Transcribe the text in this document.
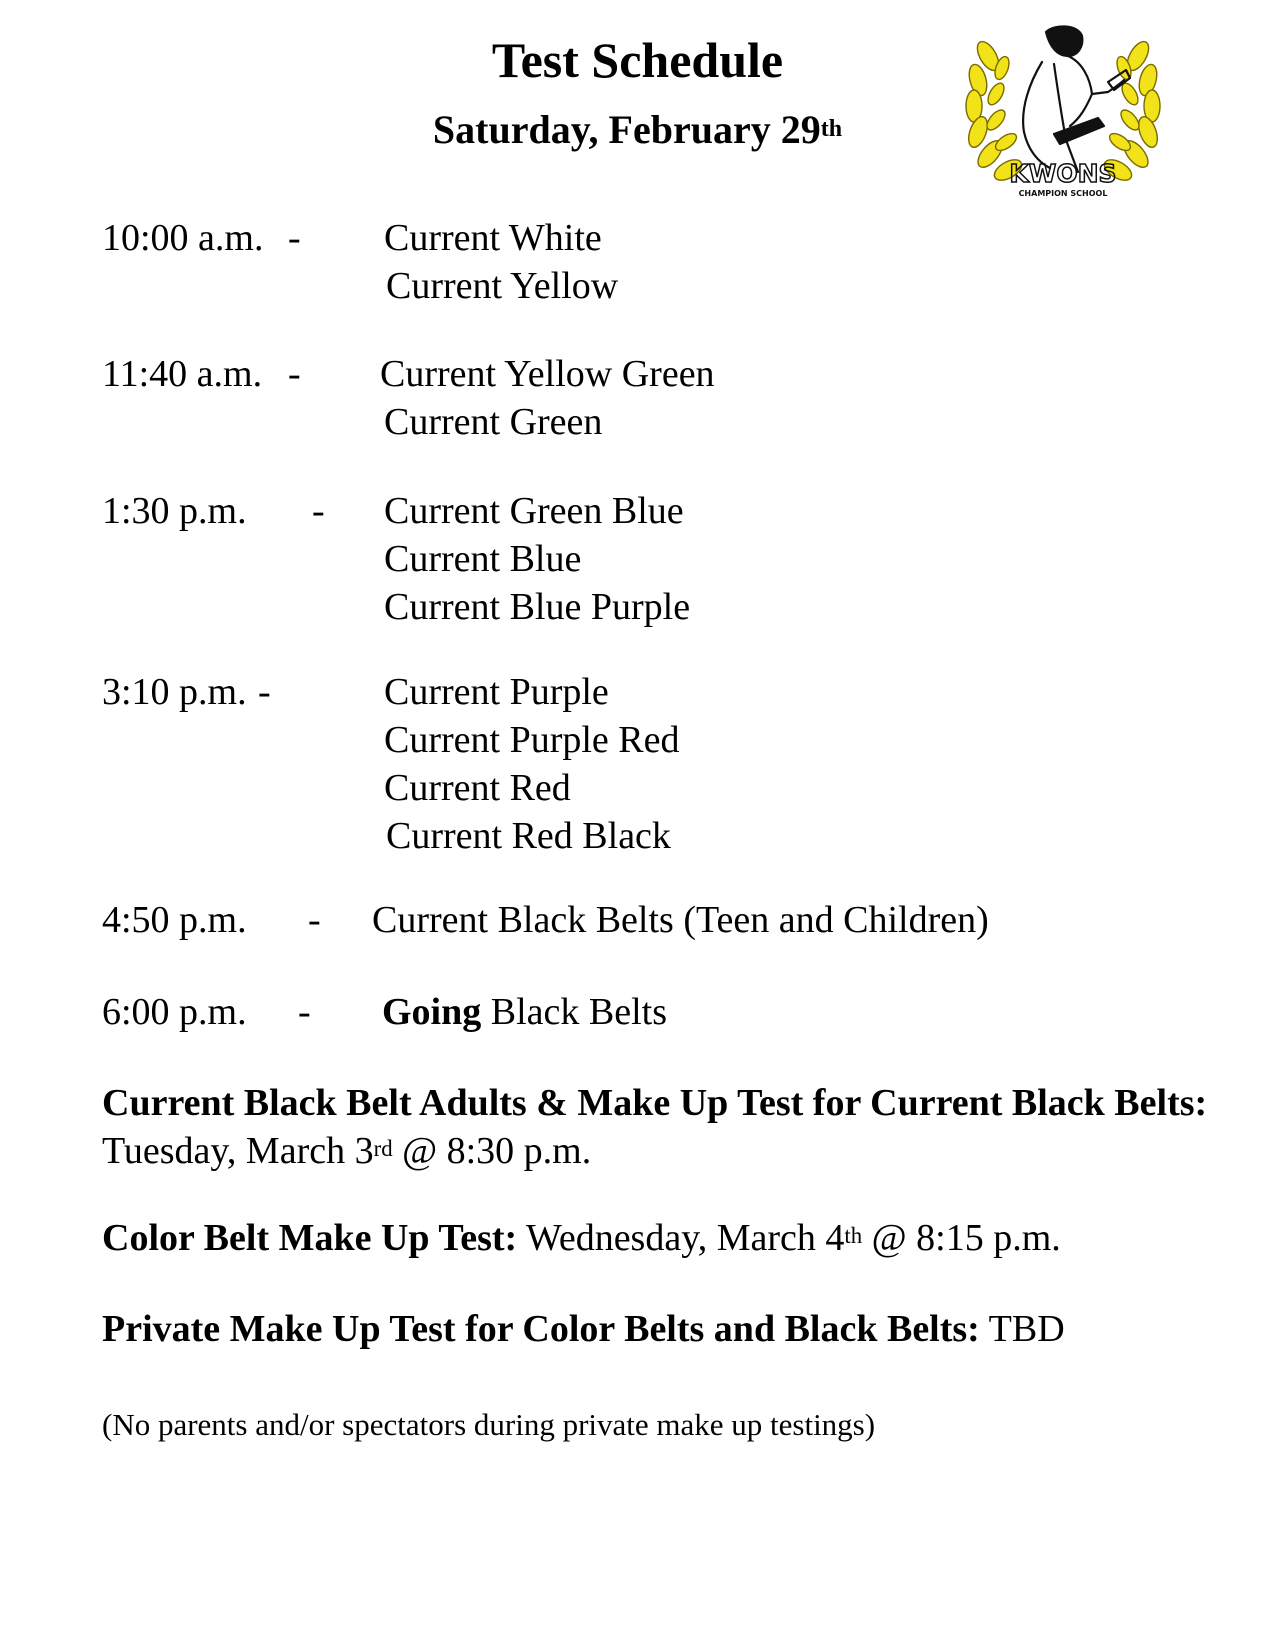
Test Schedule
Saturday, February 29th
KWONS
CHAMPION SCHOOL
10:00 a.m. - Current White
Current Yellow
11:40 a.m. - Current Yellow Green
Current Green
1:30 p.m. - Current Green Blue
Current Blue
Current Blue Purple
3:10 p.m. -	Current Purple
Current Purple Red
Current Red
Current Red Black
4:50 p.m. - Current Black Belts (Teen and Children)
6:00 p.m. - Going Black Belts

Current Black Belt Adults & Make Up Test for Current Black Belts: Tuesday, March 3rd @ 8:30 p.m.

Color Belt Make Up Test: Wednesday, March 4th @ 8:15 p.m.

Private Make Up Test for Color Belts and Black Belts: TBD

(No parents and/or spectators during private make up testings)
